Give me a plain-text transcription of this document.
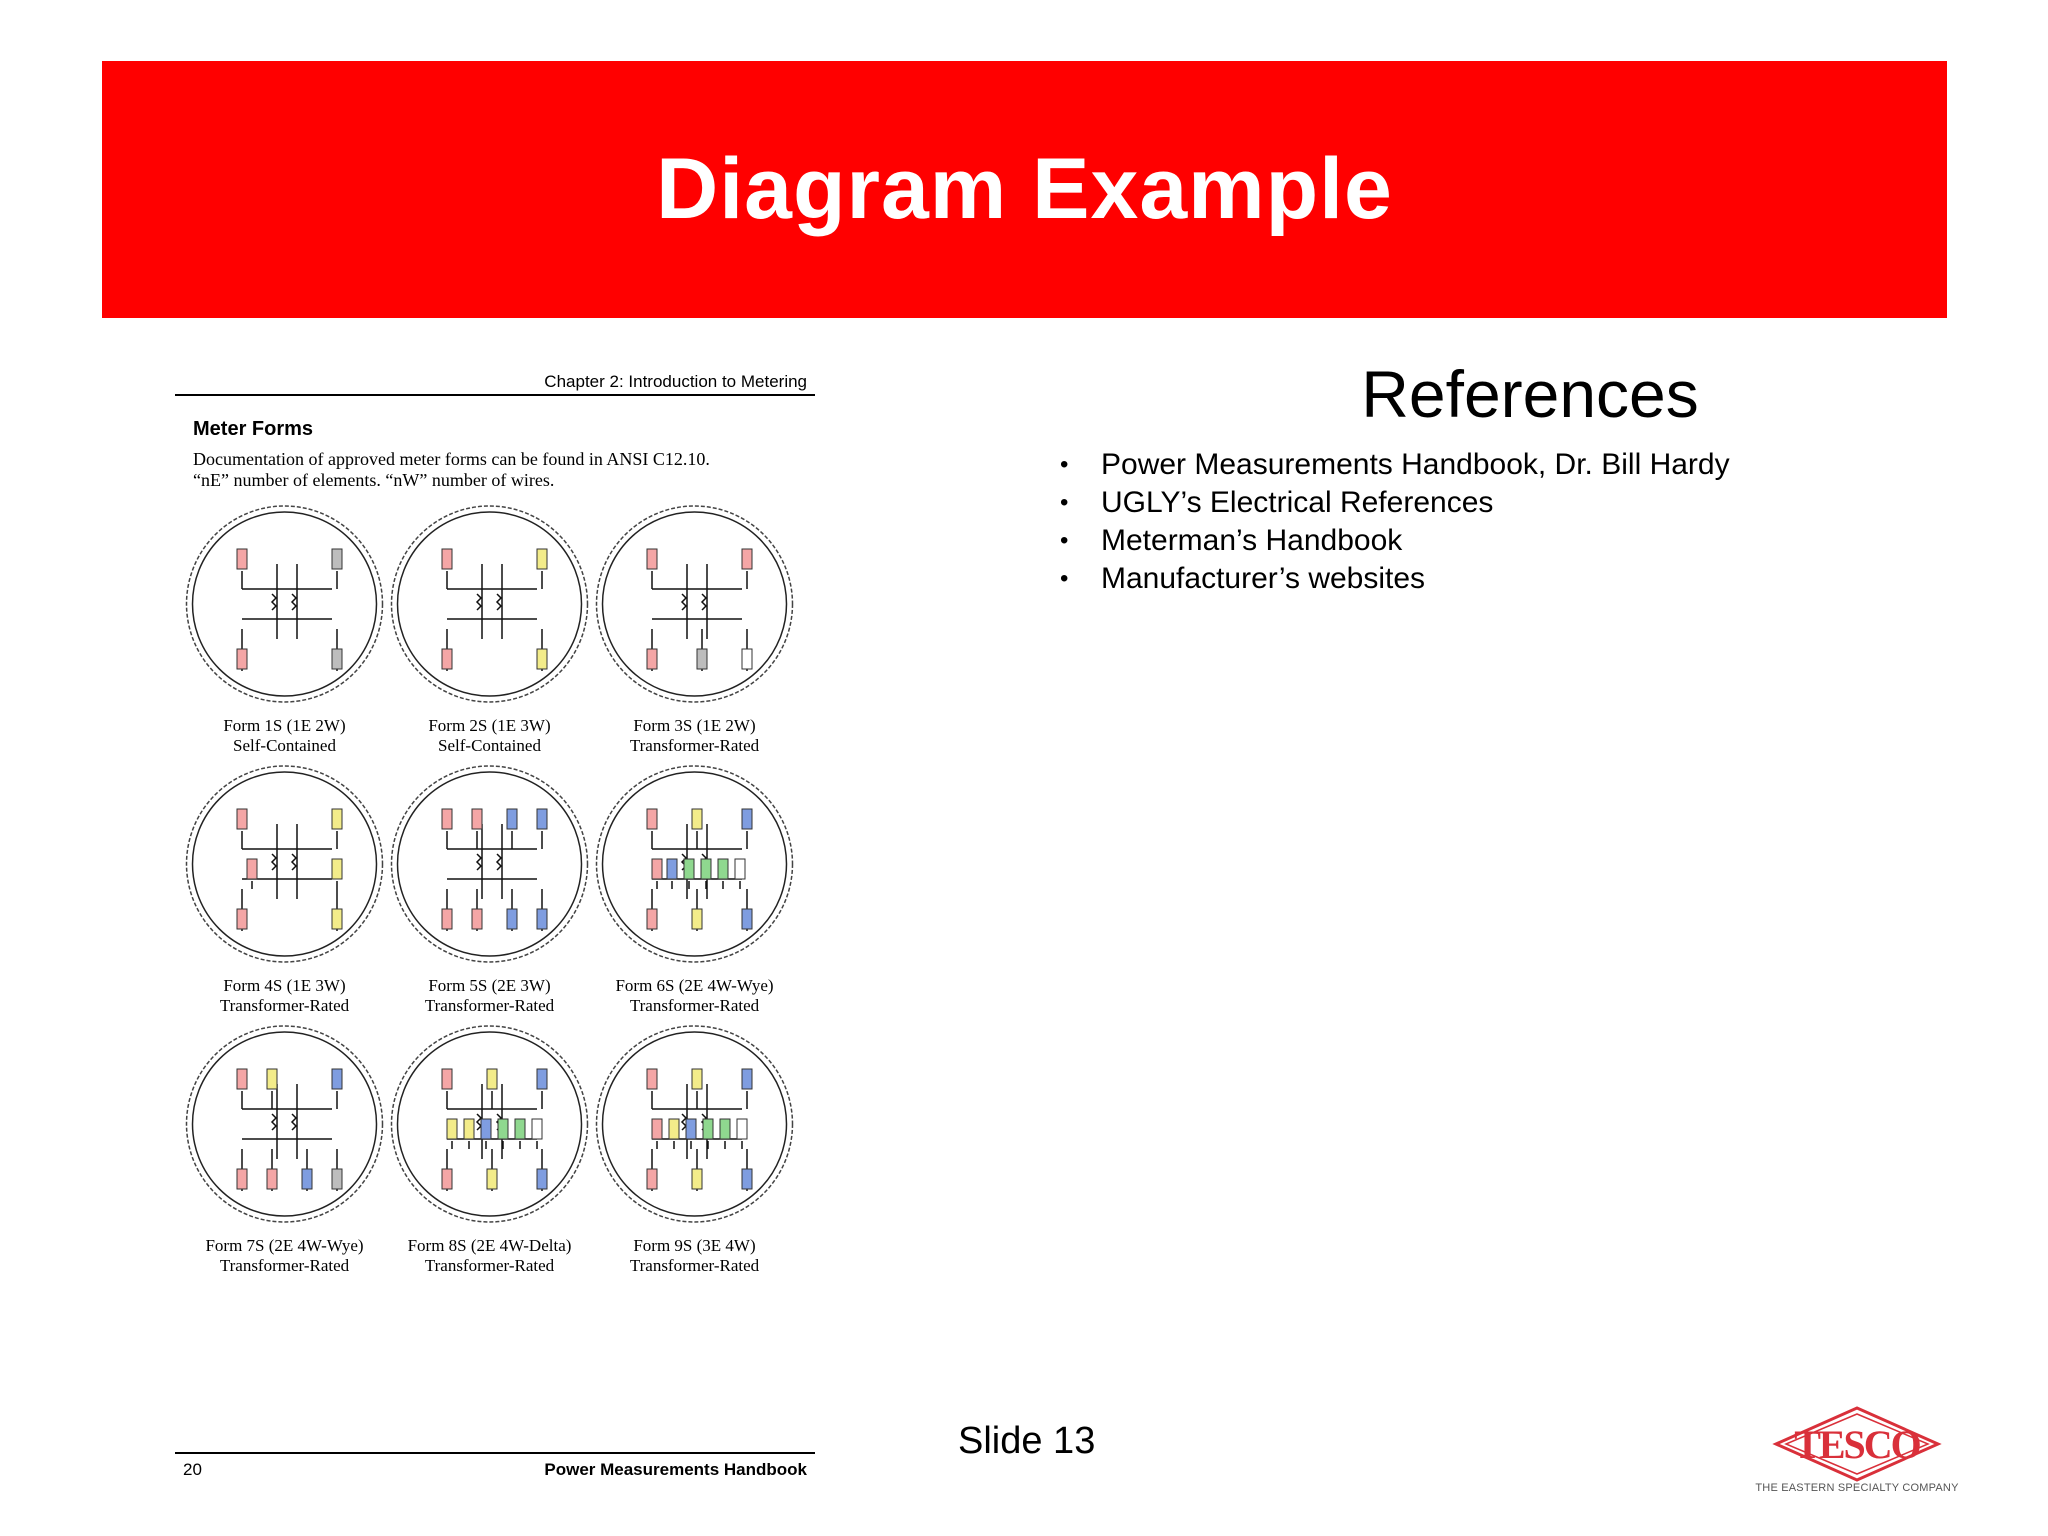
Diagram Example
Chapter 2: Introduction to Metering
Meter Forms
Documentation of approved meter forms can be found in ANSI C12.10.
“nE” number of elements. “nW” number of wires.
Form 1S (1E 2W)
Self-Contained
Form 2S (1E 3W)
Self-Contained
Form 3S (1E 2W)
Transformer-Rated
Form 4S (1E 3W)
Transformer-Rated
Form 5S (2E 3W)
Transformer-Rated
Form 6S (2E 4W-Wye)
Transformer-Rated
Form 7S (2E 4W-Wye)
Transformer-Rated
Form 8S (2E 4W-Delta)
Transformer-Rated
Form 9S (3E 4W)
Transformer-Rated
20	Power Measurements Handbook
References
• Power Measurements Handbook, Dr. Bill Hardy
• UGLY’s Electrical References
• Meterman’s Handbook
• Manufacturer’s websites
Slide 13	TESCO
THE EASTERN SPECIALTY COMPANY
